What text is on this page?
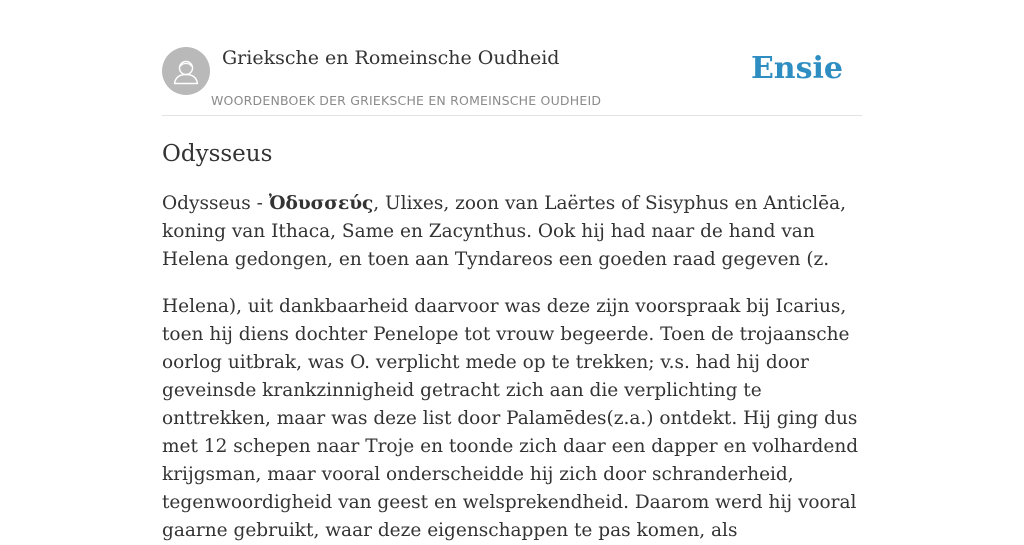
Grieksche en Romeinsche Oudheid
WOORDENBOEK DER GRIEKSCHE EN ROMEINSCHE OUDHEID
Ensie
Odysseus

Odysseus - Ὀδυσσεύς, Ulixes, zoon van Laërtes of Sisyphus en Anticlēa, koning van Ithaca, Same en Zacynthus. Ook hij had naar de hand van Helena gedongen, en toen aan Tyndareos een goeden raad gegeven (z.

Helena), uit dankbaarheid daarvoor was deze zijn voorspraak bij Icarius, toen hij diens dochter Penelope tot vrouw begeerde. Toen de trojaansche oorlog uitbrak, was O. verplicht mede op te trekken; v.s. had hij door geveinsde krankzinnigheid getracht zich aan die verplichting te onttrekken, maar was deze list door Palamēdes(z.a.) ontdekt. Hij ging dus met 12 schepen naar Troje en toonde zich daar een dapper en volhardend krijgsman, maar vooral onderscheidde hij zich door schranderheid, tegenwoordigheid van geest en welsprekendheid. Daarom werd hij vooral gaarne gebruikt, waar deze eigenschappen te pas komen, als
